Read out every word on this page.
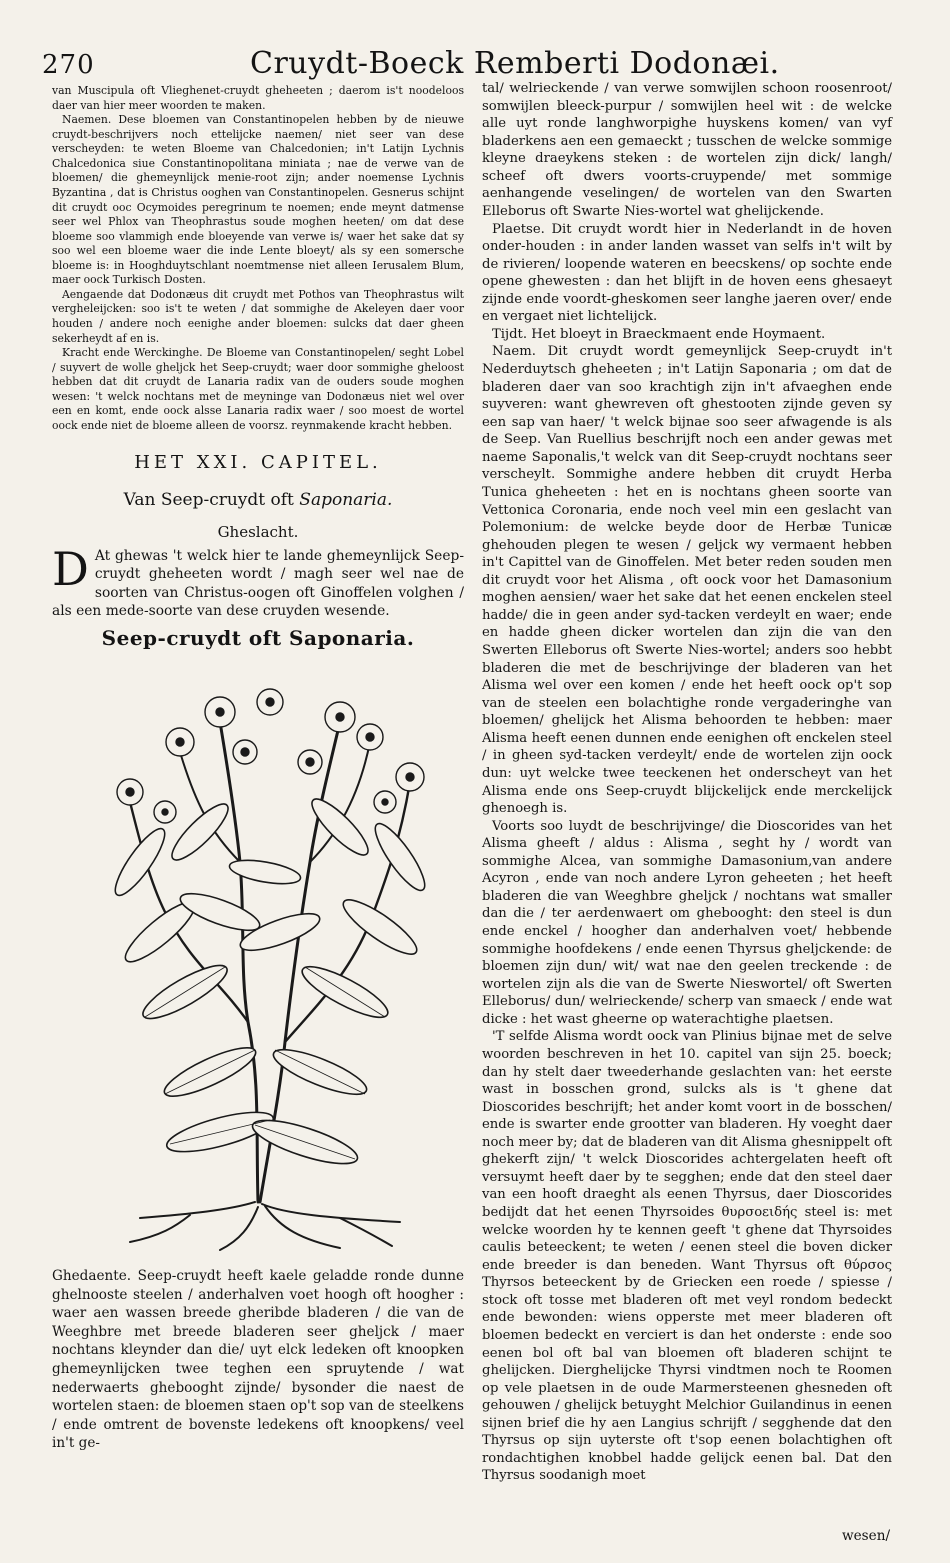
270	Cruydt-Boeck Remberti Dodonæi.

van Muscipula oft Vlieghenet-cruydt gheheeten ; daerom is't noodeloos daer van hier meer woorden te maken.

Naemen. Dese bloemen van Constantinopelen hebben by de nieuwe cruydt-beschrijvers noch ettelijcke naemen/ niet seer van dese verscheyden: te weten Bloeme van Chalcedonien; in't Latijn Lychnis Chalcedonica siue Constantinopolitana miniata ; nae de verwe van de bloemen/ die ghemeynlijck menie-root zijn; ander noemense Lychnis Byzantina , dat is Christus ooghen van Constantinopelen. Gesnerus schijnt dit cruydt ooc Ocymoides peregrinum te noemen; ende meynt datmense seer wel Phlox van Theophrastus soude moghen heeten/ om dat dese bloeme soo vlammigh ende bloeyende van verwe is/ waer het sake dat sy soo wel een bloeme waer die inde Lente bloeyt/ als sy een somersche bloeme is: in Hooghduytschlant noemtmense niet alleen Ierusalem Blum, maer oock Turkisch Dosten.

Aengaende dat Dodonæus dit cruydt met Pothos van Theophrastus wilt vergheleijcken: soo is't te weten / dat sommighe de Akeleyen daer voor houden / andere noch eenighe ander bloemen: sulcks dat daer gheen sekerheydt af en is.

Kracht ende Werckinghe. De Bloeme van Constantinopelen/ seght Lobel / suyvert de wolle gheljck het Seep-cruydt; waer door sommighe gheloost hebben dat dit cruydt de Lanaria radix van de ouders soude moghen wesen: 't welck nochtans met de meyninge van Dodonæus niet wel over een en komt, ende oock alsse Lanaria radix waer / soo moest de wortel oock ende niet de bloeme alleen de voorsz. reynmakende kracht hebben.

HET XXI. CAPITEL.
Van Seep-cruydt oft Saponaria.
Gheslacht.
D At ghewas 't welck hier te lande ghemeynlijck Seep-cruydt gheheeten wordt / magh seer wel nae de soorten van Christus-oogen oft Ginoffelen volghen / als een mede-soorte van dese cruyden wesende.
Seep-cruydt oft Saponaria.
Ghedaente. Seep-cruydt heeft kaele geladde ronde dunne ghelnooste steelen / anderhalven voet hoogh oft hoogher : waer aen wassen breede gheribde bladeren / die van de Weeghbre met breede bladeren seer gheljck / maer nochtans kleynder dan die/ uyt elck ledeken oft knoopken ghemeynlijcken twee teghen een spruytende / wat nederwaerts ghebooght zijnde/ bysonder die naest de wortelen staen: de bloemen staen op't sop van de steelkens / ende omtrent de bovenste ledekens oft knoopkens/ veel in't ge-

tal/ welrieckende / van verwe somwijlen schoon roosenroot/ somwijlen bleeck-purpur / somwijlen heel wit : de welcke alle uyt ronde langhworpighe huyskens komen/ van vyf bladerkens aen een gemaeckt ; tusschen de welcke sommige kleyne draeykens steken : de wortelen zijn dick/ langh/ scheef oft dwers voorts-cruypende/ met sommige aenhangende veselingen/ de wortelen van den Swarten Elleborus oft Swarte Nies-wortel wat ghelijckende.

Plaetse. Dit cruydt wordt hier in Nederlandt in de hoven onder-houden : in ander landen wasset van selfs in't wilt by de rivieren/ loopende wateren en beecskens/ op sochte ende opene ghewesten : dan het blijft in de hoven eens ghesaeyt zijnde ende voordt-gheskomen seer langhe jaeren over/ ende en vergaet niet lichtelijck.

Tijdt. Het bloeyt in Braeckmaent ende Hoymaent.

Naem. Dit cruydt wordt gemeynlijck Seep-cruydt in't Nederduytsch gheheeten ; in't Latijn Saponaria ; om dat de bladeren daer van soo krachtigh zijn in't afvaeghen ende suyveren: want ghewreven oft ghestooten zijnde geven sy een sap van haer/ 't welck bijnae soo seer afwagende is als de Seep. Van Ruellius beschrijft noch een ander gewas met naeme Saponalis,'t welck van dit Seep-cruydt nochtans seer verscheylt. Sommighe andere hebben dit cruydt Herba Tunica gheheeten : het en is nochtans gheen soorte van Vettonica Coronaria, ende noch veel min een geslacht van Polemonium: de welcke beyde door de Herbæ Tunicæ ghehouden plegen te wesen / geljck wy vermaent hebben in't Capittel van de Ginoffelen. Met beter reden souden men dit cruydt voor het Alisma , oft oock voor het Damasonium moghen aensien/ waer het sake dat het eenen enckelen steel hadde/ die in geen ander syd-tacken verdeylt en waer; ende en hadde gheen dicker wortelen dan zijn die van den Swerten Elleborus oft Swerte Nies-wortel; anders soo hebbt bladeren die met de beschrijvinge der bladeren van het Alisma wel over een komen / ende het heeft oock op't sop van de steelen een bolachtighe ronde vergaderinghe van bloemen/ ghelijck het Alisma behoorden te hebben: maer Alisma heeft eenen dunnen ende eenighen oft enckelen steel / in gheen syd-tacken verdeylt/ ende de wortelen zijn oock dun: uyt welcke twee teeckenen het onderscheyt van het Alisma ende ons Seep-cruydt blijckelijck ende merckelijck ghenoegh is.

Voorts soo luydt de beschrijvinge/ die Dioscorides van het Alisma gheeft / aldus : Alisma , seght hy / wordt van sommighe Alcea, van sommighe Damasonium,van andere Acyron , ende van noch andere Lyron geheeten ; het heeft bladeren die van Weeghbre gheljck / nochtans wat smaller dan die / ter aerdenwaert om ghebooght: den steel is dun ende enckel / hoogher dan anderhalven voet/ hebbende sommighe hoofdekens / ende eenen Thyrsus gheljckende: de bloemen zijn dun/ wit/ wat nae den geelen treckende : de wortelen zijn als die van de Swerte Nieswortel/ oft Swerten Elleborus/ dun/ welrieckende/ scherp van smaeck / ende wat dicke : het wast gheerne op waterachtighe plaetsen.

'T selfde Alisma wordt oock van Plinius bijnae met de selve woorden beschreven in het 10. capitel van sijn 25. boeck; dan hy stelt daer tweederhande geslachten van: het eerste wast in bosschen grond, sulcks als is 't ghene dat Dioscorides beschrijft; het ander komt voort in de bosschen/ ende is swarter ende grootter van bladeren. Hy voeght daer noch meer by; dat de bladeren van dit Alisma ghesnippelt oft ghekerft zijn/ 't welck Dioscorides achtergelaten heeft oft versuymt heeft daer by te segghen; ende dat den steel daer van een hooft draeght als eenen Thyrsus, daer Dioscorides bedijdt dat het eenen Thyrsoides θυρσοειδής steel is: met welcke woorden hy te kennen geeft 't ghene dat Thyrsoides caulis beteeckent; te weten / eenen steel die boven dicker ende breeder is dan beneden. Want Thyrsus oft θύρσος Thyrsos beteeckent by de Griecken een roede / spiesse / stock oft tosse met bladeren oft met veyl rondom bedeckt ende bewonden: wiens opperste met meer bladeren oft bloemen bedeckt en verciert is dan het onderste : ende soo eenen bol oft bal van bloemen oft bladeren schijnt te ghelijcken. Dierghelijcke Thyrsi vindtmen noch te Roomen op vele plaetsen in de oude Marmersteenen ghesneden oft gehouwen / ghelijck betuyght Melchior Guilandinus in eenen sijnen brief die hy aen Langius schrijft / segghende dat den Thyrsus op sijn uyterste oft t'sop eenen bolachtighen oft rondachtighen knobbel hadde gelijck eenen bal. Dat den Thyrsus soodanigh moet

wesen/
